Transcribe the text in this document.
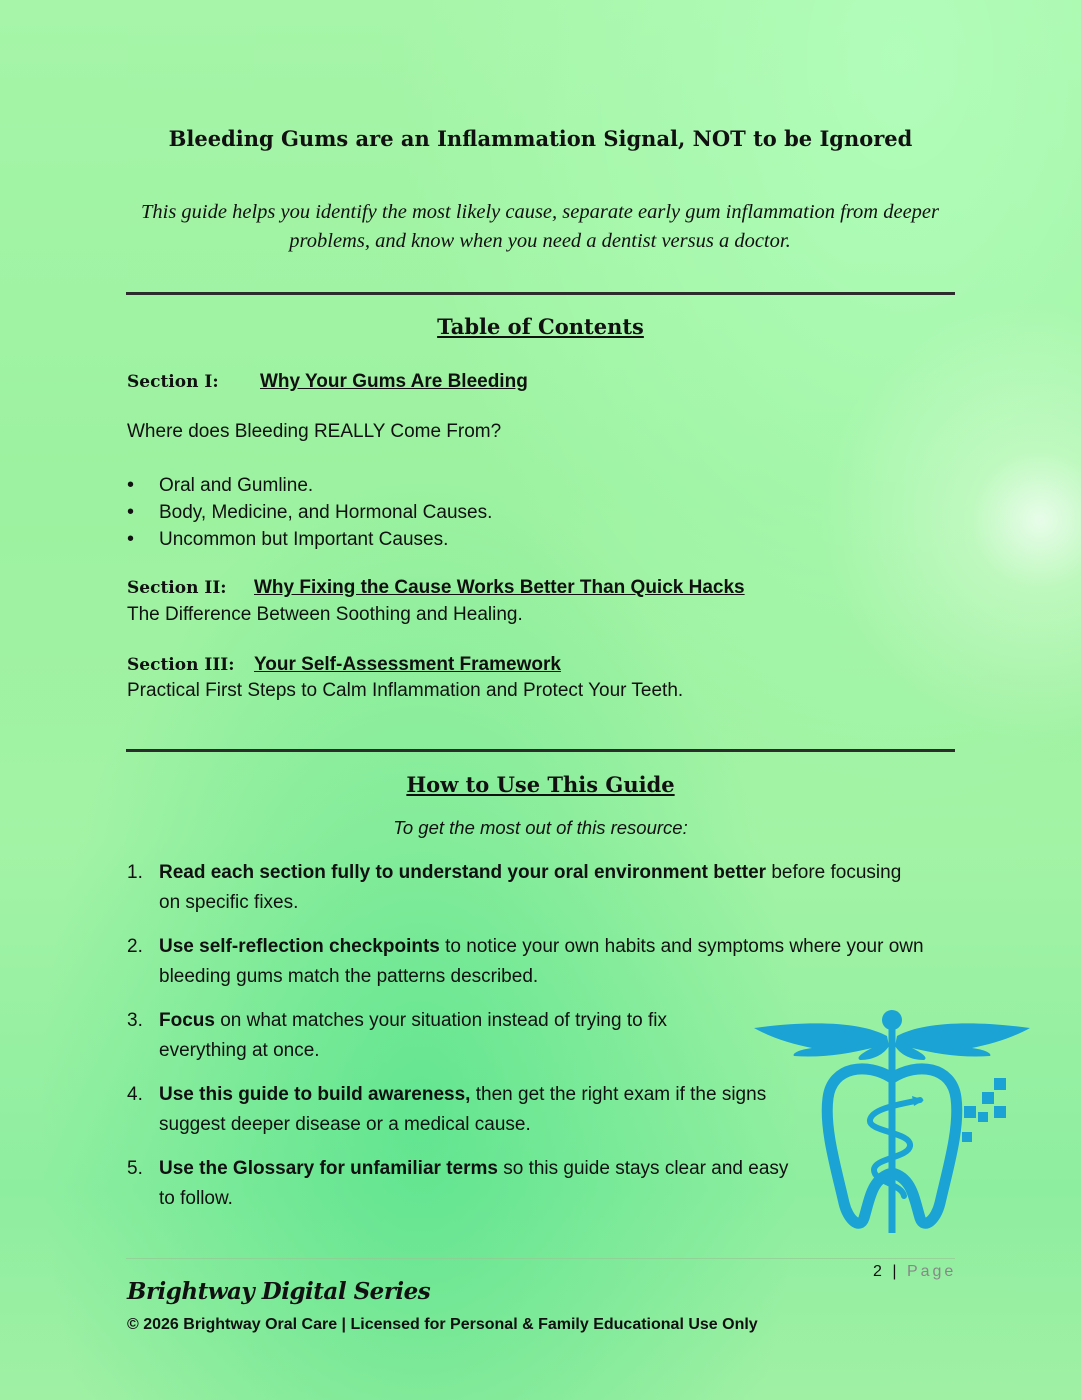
Bleeding Gums are an Inflammation Signal, NOT to be Ignored
This guide helps you identify the most likely cause, separate early gum inflammation from deeper problems, and know when you need a dentist versus a doctor.
Table of Contents
Section I: Why Your Gums Are Bleeding
Where does Bleeding REALLY Come From?
• Oral and Gumline.
• Body, Medicine, and Hormonal Causes.
• Uncommon but Important Causes.
Section II: Why Fixing the Cause Works Better Than Quick Hacks
The Difference Between Soothing and Healing.
Section III: Your Self-Assessment Framework
Practical First Steps to Calm Inflammation and Protect Your Teeth.
How to Use This Guide
To get the most out of this resource:
1. Read each section fully to understand your oral environment better before focusing on specific fixes.
2. Use self-reflection checkpoints to notice your own habits and symptoms where your own bleeding gums match the patterns described.
3. Focus on what matches your situation instead of trying to fix everything at once.
4. Use this guide to build awareness, then get the right exam if the signs suggest deeper disease or a medical cause.
5. Use the Glossary for unfamiliar terms so this guide stays clear and easy to follow.
2 | Page
Brightway Digital Series
© 2026 Brightway Oral Care | Licensed for Personal & Family Educational Use Only
